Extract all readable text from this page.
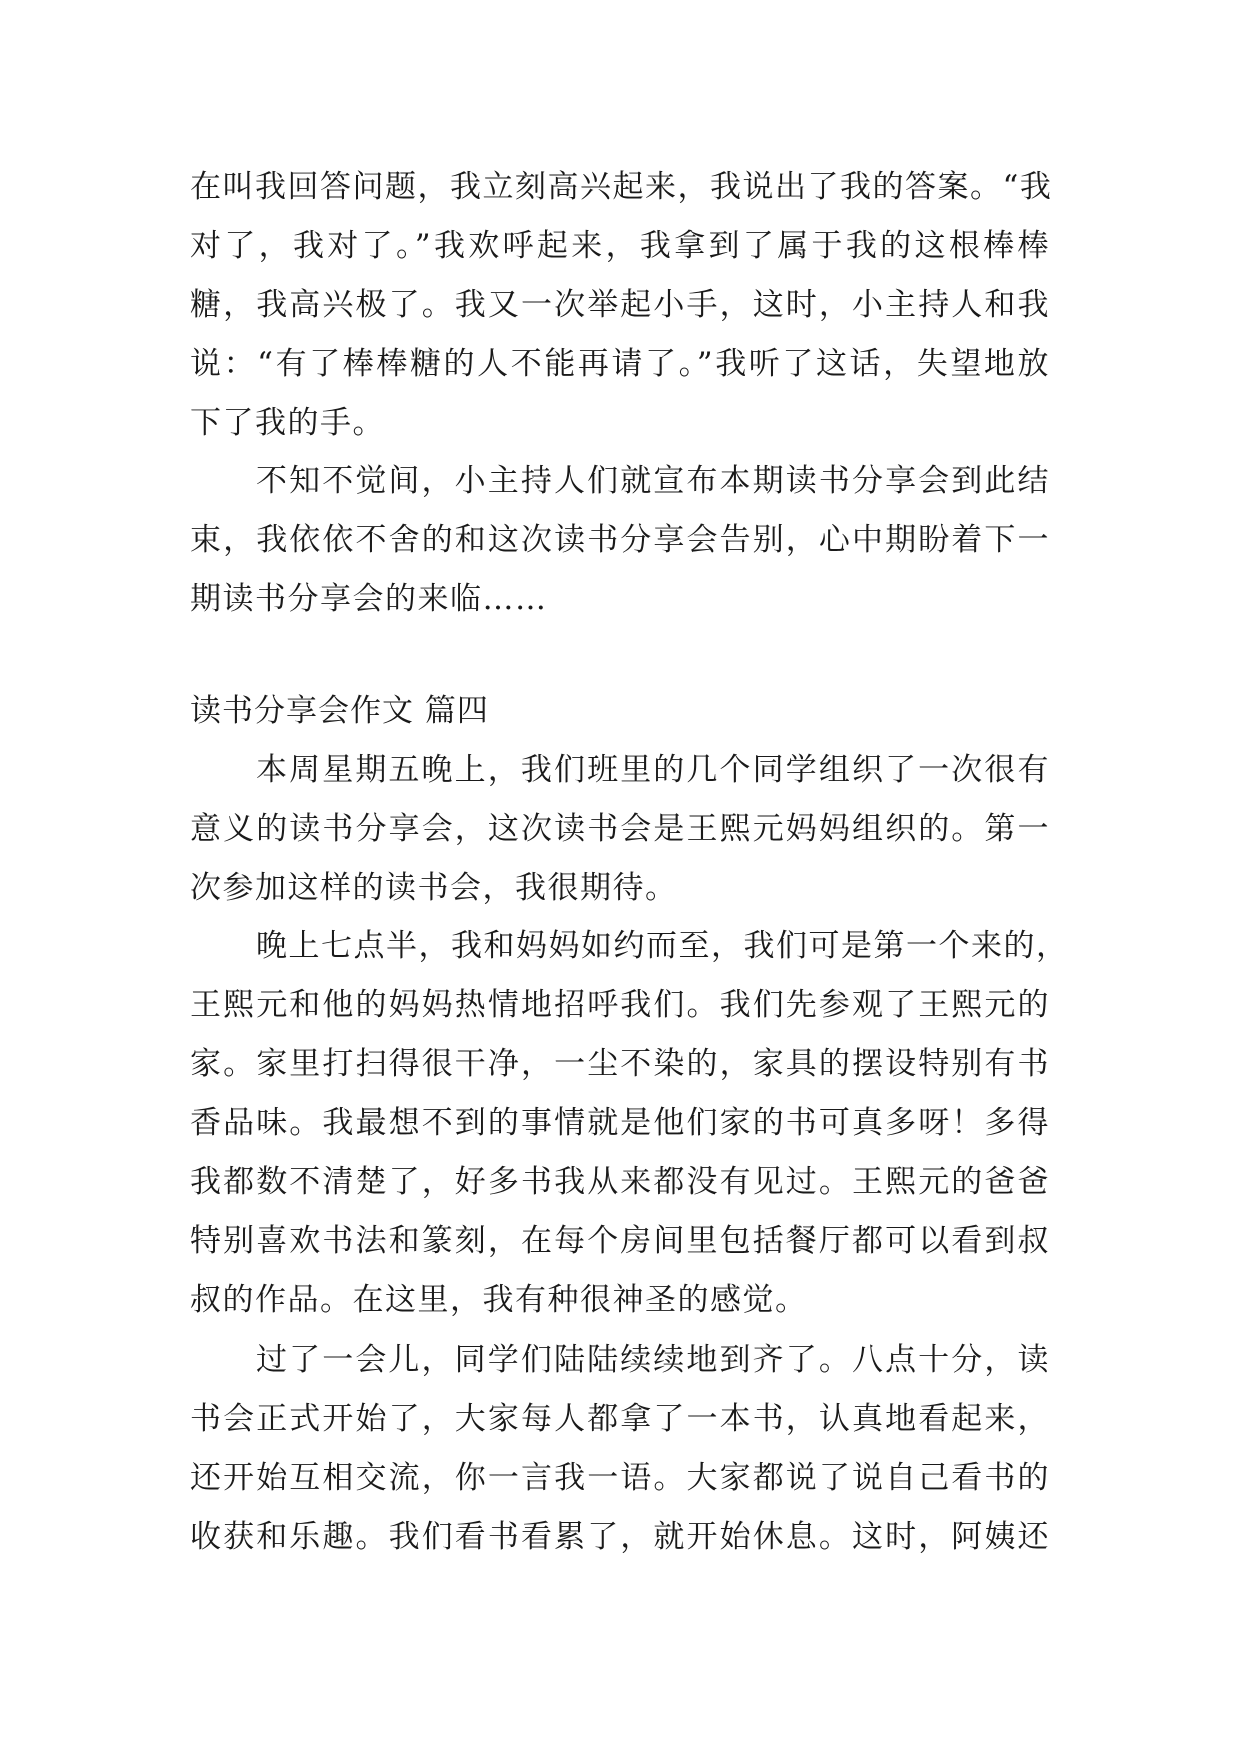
在叫我回答问题，我立刻高兴起来，我说出了我的答案。“我
对了，我对了。”我欢呼起来，我拿到了属于我的这根棒棒
糖，我高兴极了。我又一次举起小手，这时，小主持人和我
说：“有了棒棒糖的人不能再请了。”我听了这话，失望地放
下了我的手。
不知不觉间，小主持人们就宣布本期读书分享会到此结
束，我依依不舍的和这次读书分享会告别，心中期盼着下一
期读书分享会的来临……
读书分享会作文 篇四
本周星期五晚上，我们班里的几个同学组织了一次很有
意义的读书分享会，这次读书会是王熙元妈妈组织的。第一
次参加这样的读书会，我很期待。
晚上七点半，我和妈妈如约而至，我们可是第一个来的，
王熙元和他的妈妈热情地招呼我们。我们先参观了王熙元的
家。家里打扫得很干净，一尘不染的，家具的摆设特别有书
香品味。我最想不到的事情就是他们家的书可真多呀！多得
我都数不清楚了，好多书我从来都没有见过。王熙元的爸爸
特别喜欢书法和篆刻，在每个房间里包括餐厅都可以看到叔
叔的作品。在这里，我有种很神圣的感觉。
过了一会儿，同学们陆陆续续地到齐了。八点十分，读
书会正式开始了，大家每人都拿了一本书，认真地看起来，
还开始互相交流，你一言我一语。大家都说了说自己看书的
收获和乐趣。我们看书看累了，就开始休息。这时，阿姨还
